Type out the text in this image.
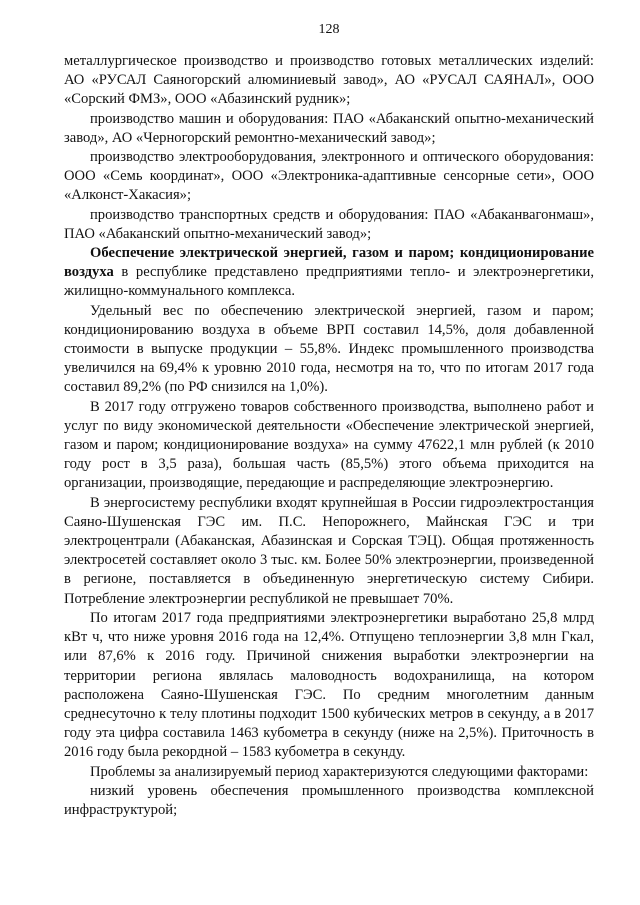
128

металлургическое производство и производство готовых металлических изделий: АО «РУСАЛ Саяногорский алюминиевый завод», АО «РУСАЛ САЯНАЛ», ООО «Сорский ФМЗ», ООО «Абазинский рудник»;

производство машин и оборудования: ПАО «Абаканский опытно-механический завод», АО «Черногорский ремонтно-механический завод»;

производство электрооборудования, электронного и оптического оборудования: ООО «Семь координат», ООО «Электроника-адаптивные сенсорные сети», ООО «Алконст-Хакасия»;

производство транспортных средств и оборудования: ПАО «Абаканвагонмаш», ПАО «Абаканский опытно-механический завод»;

Обеспечение электрической энергией, газом и паром; кондиционирование воздуха в республике представлено предприятиями тепло- и электроэнергетики, жилищно-коммунального комплекса.

Удельный вес по обеспечению электрической энергией, газом и паром; кондиционированию воздуха в объеме ВРП составил 14,5%, доля добавленной стоимости в выпуске продукции – 55,8%. Индекс промышленного производства увеличился на 69,4% к уровню 2010 года, несмотря на то, что по итогам 2017 года составил 89,2% (по РФ снизился на 1,0%).

В 2017 году отгружено товаров собственного производства, выполнено работ и услуг по виду экономической деятельности «Обеспечение электрической энергией, газом и паром; кондиционирование воздуха» на сумму 47622,1 млн рублей (к 2010 году рост в 3,5 раза), большая часть (85,5%) этого объема приходится на организации, производящие, передающие и распределяющие электроэнергию.

В энергосистему республики входят крупнейшая в России гидроэлектростанция Саяно-Шушенская ГЭС им. П.С. Непорожнего, Майнская ГЭС и три электроцентрали (Абаканская, Абазинская и Сорская ТЭЦ). Общая протяженность электросетей составляет около 3 тыс. км. Более 50% электроэнергии, произведенной в регионе, поставляется в объединенную энергетическую систему Сибири. Потребление электроэнергии республикой не превышает 70%.

По итогам 2017 года предприятиями электроэнергетики выработано 25,8 млрд кВт ч, что ниже уровня 2016 года на 12,4%. Отпущено теплоэнергии 3,8 млн Гкал, или 87,6% к 2016 году. Причиной снижения выработки электроэнергии на территории региона являлась маловодность водохранилища, на котором расположена Саяно-Шушенская ГЭС. По средним многолетним данным среднесуточно к телу плотины подходит 1500 кубических метров в секунду, а в 2017 году эта цифра составила 1463 кубометра в секунду (ниже на 2,5%). Приточность в 2016 году была рекордной – 1583 кубометра в секунду.

Проблемы за анализируемый период характеризуются следующими факторами:

низкий уровень обеспечения промышленного производства комплексной инфраструктурой;
